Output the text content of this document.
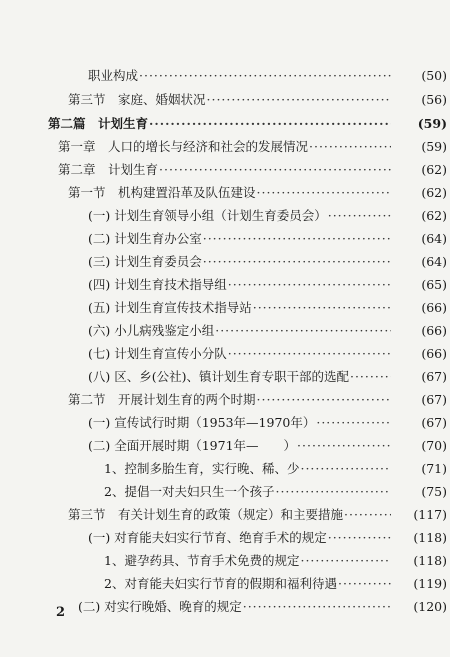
职业构成 ·····	(50)
第三节　家庭、婚姻状况 ·····	(56)
第二篇　计划生育 ·····	(59)
第一章　人口的增长与经济和社会的发展情况 ·····	(59)
第二章　计划生育 ·····	(62)
第一节　机构建置沿革及队伍建设 ·····	(62)
(一) 计划生育领导小组（计划生育委员会） ·····	(62)
(二) 计划生育办公室 ·····	(64)
(三) 计划生育委员会 ·····	(64)
(四) 计划生育技术指导组 ·····	(65)
(五) 计划生育宣传技术指导站 ·····	(66)
(六) 小儿病残鉴定小组 ·····	(66)
(七) 计划生育宣传小分队 ·····	(66)
(八) 区、乡(公社)、镇计划生育专职干部的选配 ·····	(67)
第二节　开展计划生育的两个时期 ·····	(67)
(一) 宣传试行时期（1953年—1970年） ·····	(67)
(二) 全面开展时期（1971年—　　） ·····	(70)
1、控制多胎生育，实行晚、稀、少 ·····	(71)
2、提倡一对夫妇只生一个孩子 ·····	(75)
第三节　有关计划生育的政策（规定）和主要措施 ·····	(117)
(一) 对育能夫妇实行节育、绝育手术的规定 ·····	(118)
1、避孕药具、节育手术免费的规定 ·····	(118)
2、对育能夫妇实行节育的假期和福利待遇 ·····	(119)
(二) 对实行晚婚、晚育的规定 ·····	(120)
2
